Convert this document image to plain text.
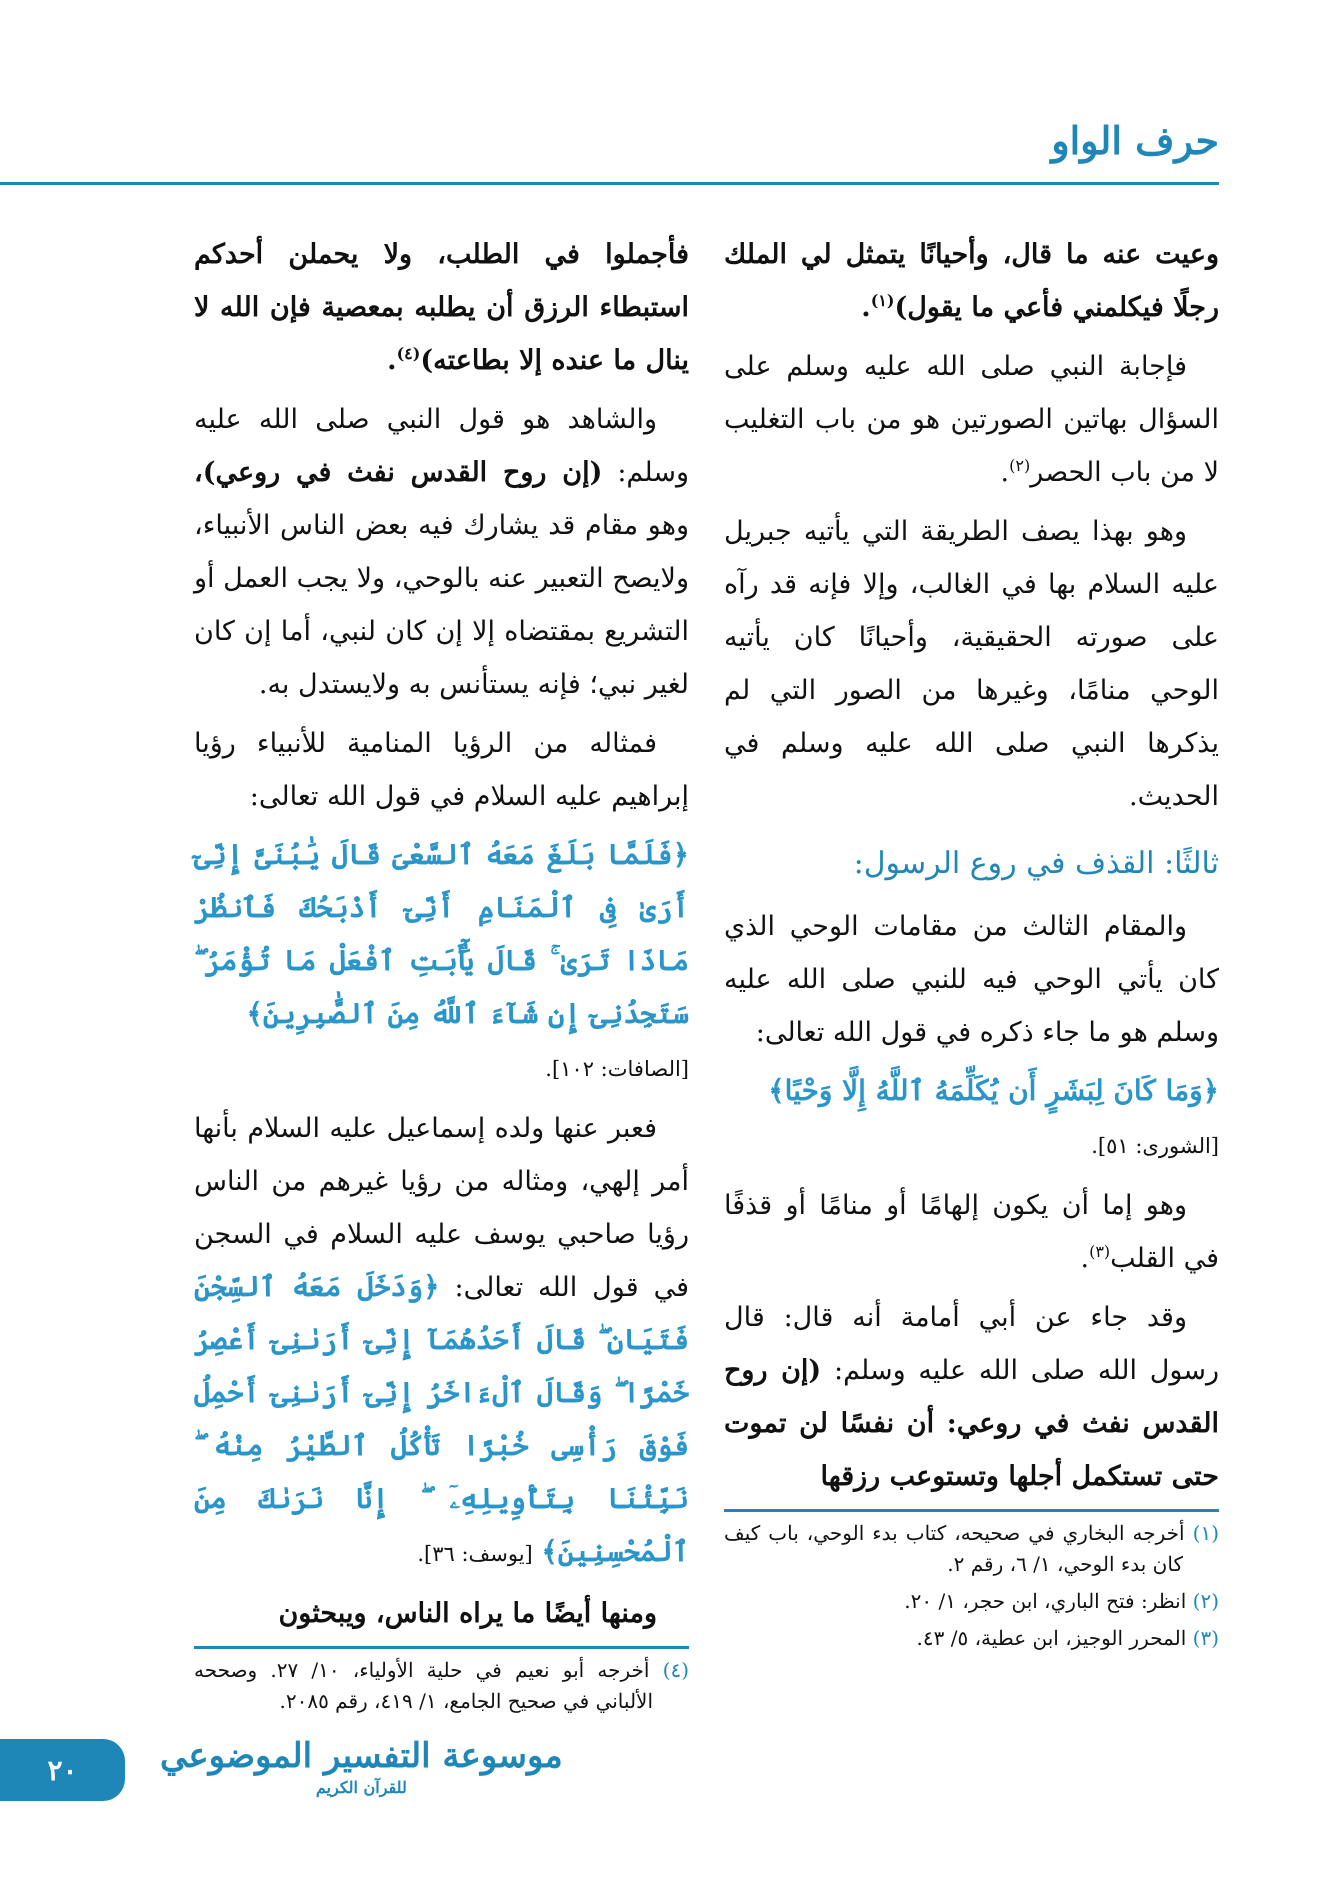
حرف الواو

وعيت عنه ما قال، وأحيانًا يتمثل لي الملك رجلًا فيكلمني فأعي ما يقول)$^{(١)}$.

فإجابة النبي صلى الله عليه وسلم على السؤال بهاتين الصورتين هو من باب التغليب لا من باب الحصر$^{(٢)}$.

وهو بهذا يصف الطريقة التي يأتيه جبريل عليه السلام بها في الغالب، وإلا فإنه قد رآه على صورته الحقيقية، وأحيانًا كان يأتيه الوحي منامًا، وغيرها من الصور التي لم يذكرها النبي صلى الله عليه وسلم في الحديث.

ثالثًا: القذف في روع الرسول:

والمقام الثالث من مقامات الوحي الذي كان يأتي الوحي فيه للنبي صلى الله عليه وسلم هو ما جاء ذكره في قول الله تعالى:

﴿وَمَا كَانَ لِبَشَرٍ أَن يُكَلِّمَهُ ٱللَّهُ إِلَّا وَحْيًا﴾
[الشورى: ٥١].

وهو إما أن يكون إلهامًا أو منامًا أو قذفًا في القلب$^{(٣)}$.

وقد جاء عن أبي أمامة أنه قال: قال رسول الله صلى الله عليه وسلم: (إن روح القدس نفث في روعي: أن نفسًا لن تموت حتى تستكمل أجلها وتستوعب رزقها

(١) أخرجه البخاري في صحيحه، كتاب بدء الوحي، باب كيف كان بدء الوحي، ١/ ٦، رقم ٢.

(٢) انظر: فتح الباري، ابن حجر، ١/ ٢٠.

(٣) المحرر الوجيز، ابن عطية، ٥/ ٤٣.

فأجملوا في الطلب، ولا يحملن أحدكم استبطاء الرزق أن يطلبه بمعصية فإن الله لا ينال ما عنده إلا بطاعته)$^{(٤)}$.

والشاهد هو قول النبي صلى الله عليه وسلم: (إن روح القدس نفث في روعي)، وهو مقام قد يشارك فيه بعض الناس الأنبياء، ولايصح التعبير عنه بالوحي، ولا يجب العمل أو التشريع بمقتضاه إلا إن كان لنبي، أما إن كان لغير نبي؛ فإنه يستأنس به ولايستدل به.

فمثاله من الرؤيا المنامية للأنبياء رؤيا إبراهيم عليه السلام في قول الله تعالى:

﴿فَلَمَّا بَلَغَ مَعَهُ ٱلسَّعْىَ قَالَ يَٰبُنَىَّ إِنِّىٓ أَرَىٰ فِى ٱلْمَنَامِ أَنِّىٓ أَذْبَحُكَ فَٱنظُرْ مَاذَا تَرَىٰ ۚ قَالَ يَٰٓأَبَتِ ٱفْعَلْ مَا تُؤْمَرُ ۖ سَتَجِدُنِىٓ إِن شَآءَ ٱللَّهُ مِنَ ٱلصَّٰبِرِينَ﴾
[الصافات: ١٠٢].

فعبر عنها ولده إسماعيل عليه السلام بأنها أمر إلهي، ومثاله من رؤيا غيرهم من الناس رؤيا صاحبي يوسف عليه السلام في السجن في قول الله تعالى: ﴿وَدَخَلَ مَعَهُ ٱلسِّجْنَ فَتَيَانِ ۖ قَالَ أَحَدُهُمَآ إِنِّىٓ أَرَىٰنِىٓ أَعْصِرُ خَمْرًا ۖ وَقَالَ ٱلْءَاخَرُ إِنِّىٓ أَرَىٰنِىٓ أَحْمِلُ فَوْقَ رَأْسِى خُبْزًا تَأْكُلُ ٱلطَّيْرُ مِنْهُ ۖ نَبِّئْنَا بِتَأْوِيلِهِۦٓ ۖ إِنَّا نَرَىٰكَ مِنَ ٱلْمُحْسِنِينَ﴾ [يوسف: ٣٦].

ومنها أيضًا ما يراه الناس، ويبحثون

(٤) أخرجه أبو نعيم في حلية الأولياء، ١٠/ ٢٧. وصححه الألباني في صحيح الجامع، ١/ ٤١٩، رقم ٢٠٨٥.

٢٠ موسوعة التفسير الموضوعي
للقرآن الكريم
